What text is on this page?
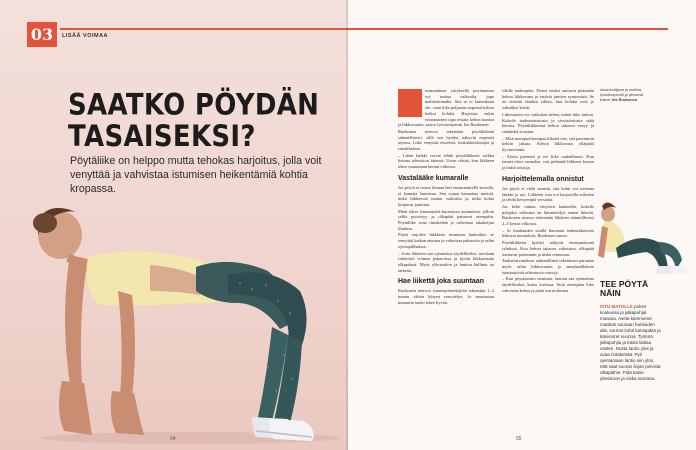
03	LISÄÄ VOIMAA
SAATKO PÖYDÄN
TASAISEKSI?
Pöytäliike on helppo mutta tehokas harjoitus, jolla voit venyttää ja vahvistaa istumisen heikentämiä kohtia kropassa.
54

nsimmäinen yrityksellä pöytäasento voi tuntua vaikealta, jopa mahdottomalta. Sitä se ei kuitenkaan ole, vaan liike paljastaa nopeasti kehon heikot kohdat. Harjoitus onkin erinomainen tapa testata kehon kuntoa ja liikkuvuutta, sanoo fysioterapeutti Iris Ruokonen.

Ruokonen neuvoo tekemään pöytäliikettä säännöllisesti, sillä sen hyödyt näkyvät nopeasti arjessa. Liike venyttää etureisiä, lonkankoukistajia ja rintalihaksia.

– Lähes kaikki voivat tehdä pöytäliikkeen vaikka kotona television ääressä. Usein riittää, kun liikkeen tekee muutaman kerran viikossa.

Vastalääke kumaralle

Jos pöytä ei nouse ilmaan heti ensimmäisellä kerralla, ei kannata lannistua. Sen sijaan kannattaa miettiä, mikä liikkeessä tuntuu vaikealta ja mikä kohta kropassa jumittaa.

Moni tekee istumatyötä huonoissa asennoissa, jolloin selkä pyöristyy ja olkapäät painuvat eteenpäin. Pöytäliike avaa rintakehää ja vahvistaa takaketjun lihaksia.

Pöytä tarjoilee lääkkeen istumisen haittoihin: se venyttää lonkan etuosaa ja vahvistaa pakaroita ja selän ojentajalihaksia.

– Jotta liikkeen saa ojennettua täydelliseksi, tarvitaan riittävästi voimaa pakaroissa ja hyvää liikkuvuutta olkapäissä. Myös ylävartalon ja lantion hallinta on tärkeää.

Hae liikettä joka suuntaan

Ruokonen neuvoo istumatyöntekijöitä tekemään 1–2 tunnin välein lyhyen venyttelyn. Jo muutaman minuutin tauko tekee hyvää.

välille taaksepäin. Pienet taukot auttavat pitämään kehon liikkuvana ja estävät jumien syntymistä. Se on tärkeää etenkin silloin, kun kohdat ovat jo valmiiksi kireät.

Liikesuunta voi vaikuttaa siihen, miten liike tuntuu. Kokeile taaksetaivutusta ja sivutaivutusta sekä kiertoa. Pöytäliikkeessä kehon takaosa venyy ja rintakehä avautuu.

– Mitä monipuolisempaa liikettä teet, sitä paremmin kehosi jaksaa. Kehon liikkuvuus ylläpitää hyvinvointia.

– Aloita pienestä ja tee liike rauhallisesti. Kun tunnet olosi varmaksi, voit pidentää liikkeen kestoa ja lisätä toistoja.

Harjoittelemalla onnistut

Jos pöytä ei vielä onnistu, sitä kohti voi treenata tänään jo nyt. Liikkeen osia voi harjoitella erikseen ja tehdä kevyempiä versioita.

Jos keho tuntuu erityisen kankealta, kokeile pohjaksi rullausta tai lämmittelyä ennen liikettä. Ruokonen neuvoo tekemään liikkeen säännöllisesti 2–3 kertaa viikossa.

– Jo kuukauden sisällä huomaat todennäköisesti kehossa muutoksia, Ruokonen sanoo.

Pöytäliikkeen hyödyt näkyvät ensimmäisenä ryhdissä. Kun kehon takaosa vahvistuu, olkapäät asettuvat paremmin ja niska rentoutuu.

Taaksetaivutuksen säännöllinen tekeminen parantaa myös selän liikkuvuutta ja ennaltaehkäisee istumatyöstä aiheutuvia vaivoja.

– Kun pöytäasento onnistuu, lantion saa ojennettua täydelliseksi, kuten kuvassa. Siitä eteenpäin liike vahvistaa kehoa ja pitää sen notkeana.

Asiantuntijana ja mallina: fysioterapeutti ja personal trainer Iris Ruokonen
TEE PÖYTÄ
NÄIN
ISTU MATOLLE polvet koukussa ja jalkapohjat maassa. Aseta kämmenet maahan suoraan hartioiden alle, sormet kohti kantapäitä ja käsivarret suorina. Työnnä jalkapohjia ja käsiä lattiaa vasten. Nosta lantio ylös ja avaa rintakehää. Pyri ojentamaan lantio niin ylös, että saat suoran linjan polvista olkapäihin. Pidä katse ylävistoon ja niska suorana.
55
